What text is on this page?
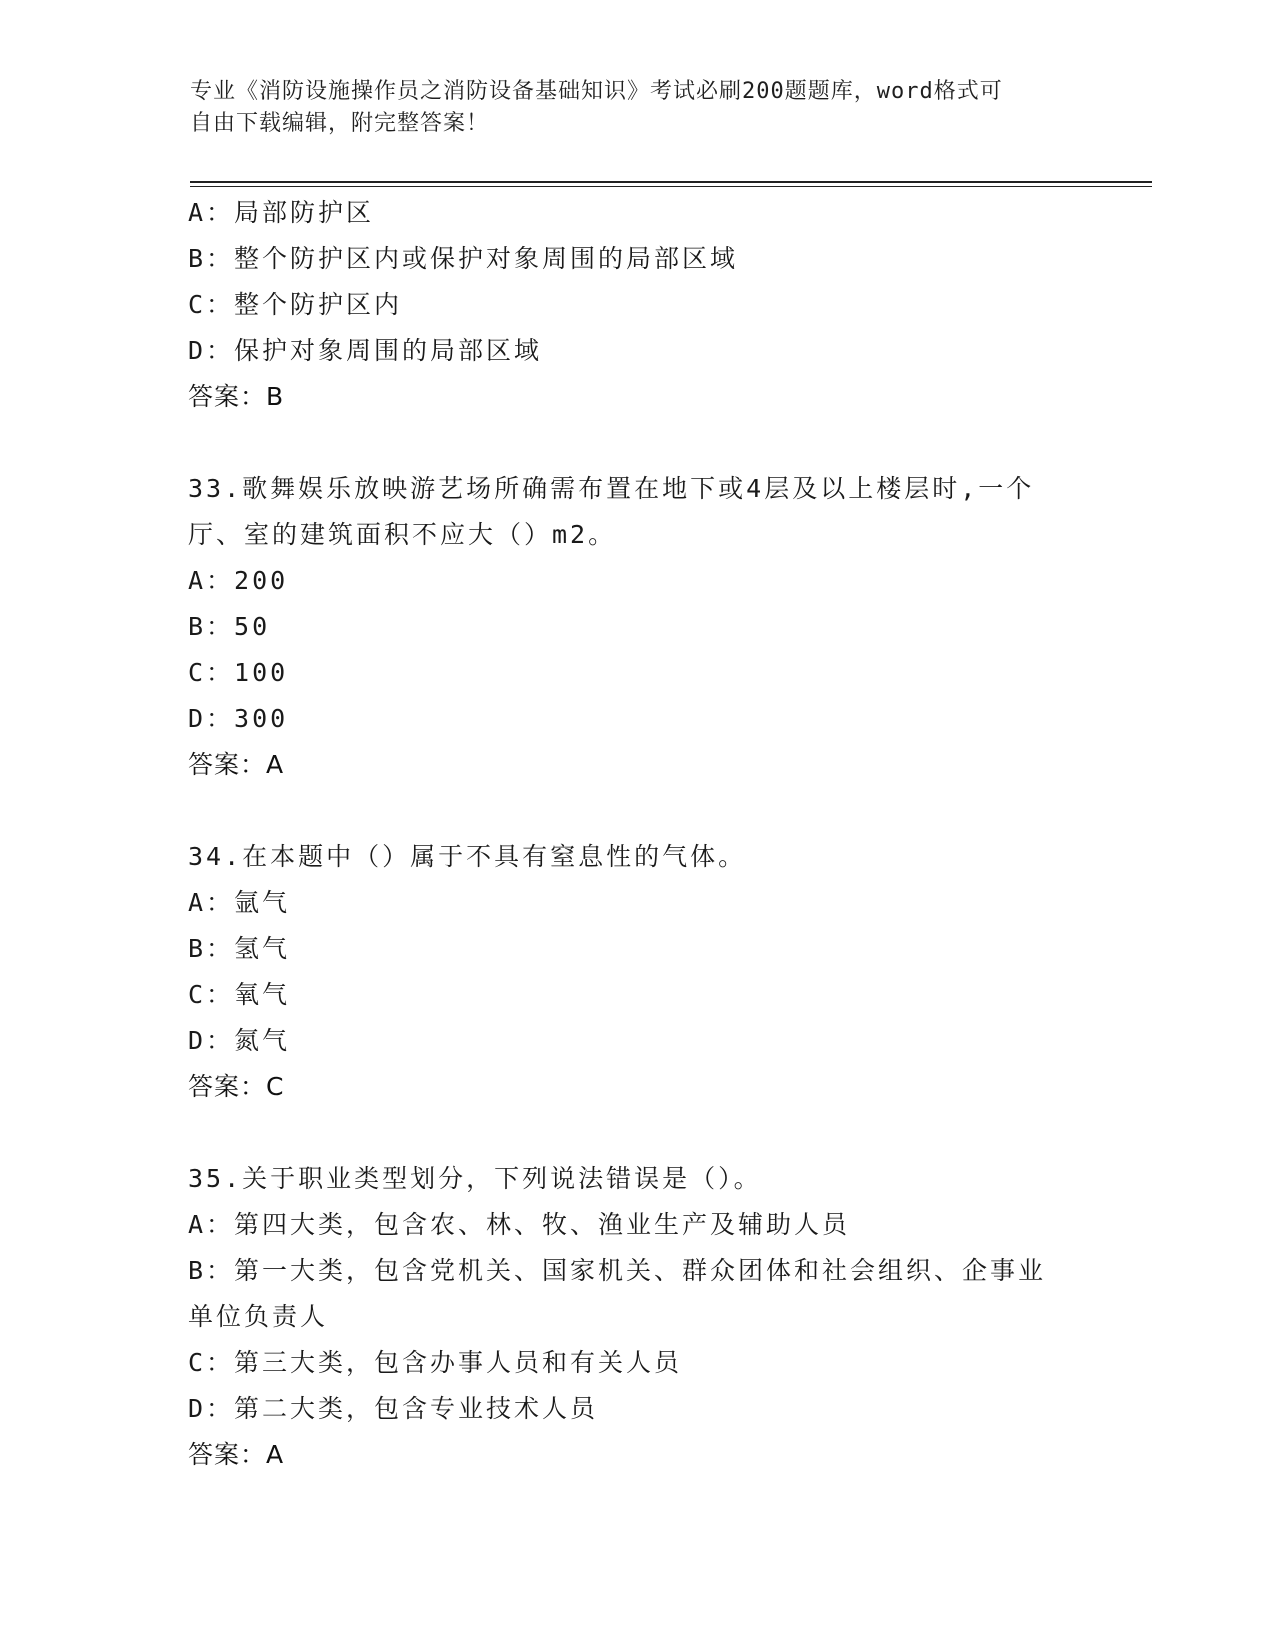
专业《消防设施操作员之消防设备基础知识》考试必刷200题题库，word格式可
自由下载编辑，附完整答案！
A：局部防护区
B：整个防护区内或保护对象周围的局部区域
C：整个防护区内
D：保护对象周围的局部区域
答案：B
33.歌舞娱乐放映游艺场所确需布置在地下或4层及以上楼层时,一个
厅、室的建筑面积不应大（）m2。
A：200
B：50
C：100
D：300
答案：A
34.在本题中（）属于不具有窒息性的气体。
A：氩气
B：氢气
C：氧气
D：氮气
答案：C
35.关于职业类型划分，下列说法错误是（）。
A：第四大类，包含农、林、牧、渔业生产及辅助人员
B：第一大类，包含党机关、国家机关、群众团体和社会组织、企事业
单位负责人
C：第三大类，包含办事人员和有关人员
D：第二大类，包含专业技术人员
答案：A
